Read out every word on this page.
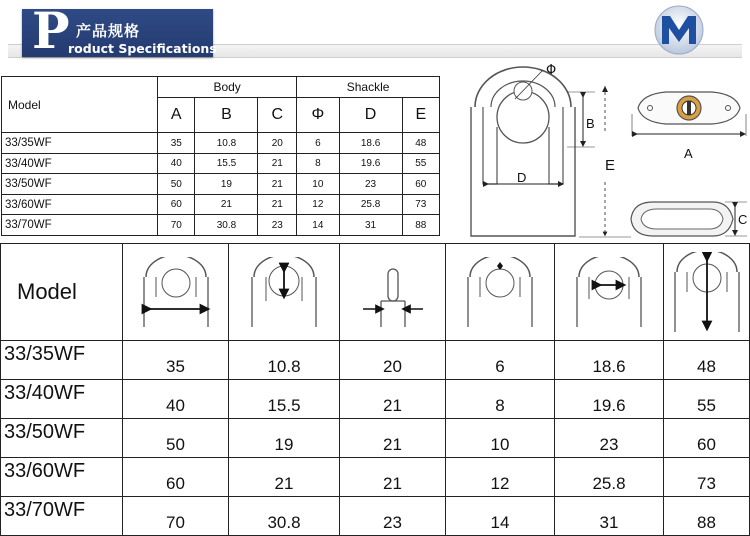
P 产品规格
roduct Specifications
Model	Body			Shackle		
	A	B	C	Φ	D	E
33/35WF	35	10.8	20	6	18.6	48
33/40WF	40	15.5	21	8	19.6	55
33/50WF	50	19	21	10	23	60
33/60WF	60	21	21	12	25.8	73
33/70WF	70	30.8	23	14	31	88
Φ
B
D
E
A
C
Model	

33/35WF	35	10.8	20	6	18.6	48
33/40WF	40	15.5	21	8	19.6	55
33/50WF	50	19	21	10	23	60
33/60WF	60	21	21	12	25.8	73
33/70WF	70	30.8	23	14	31	88
